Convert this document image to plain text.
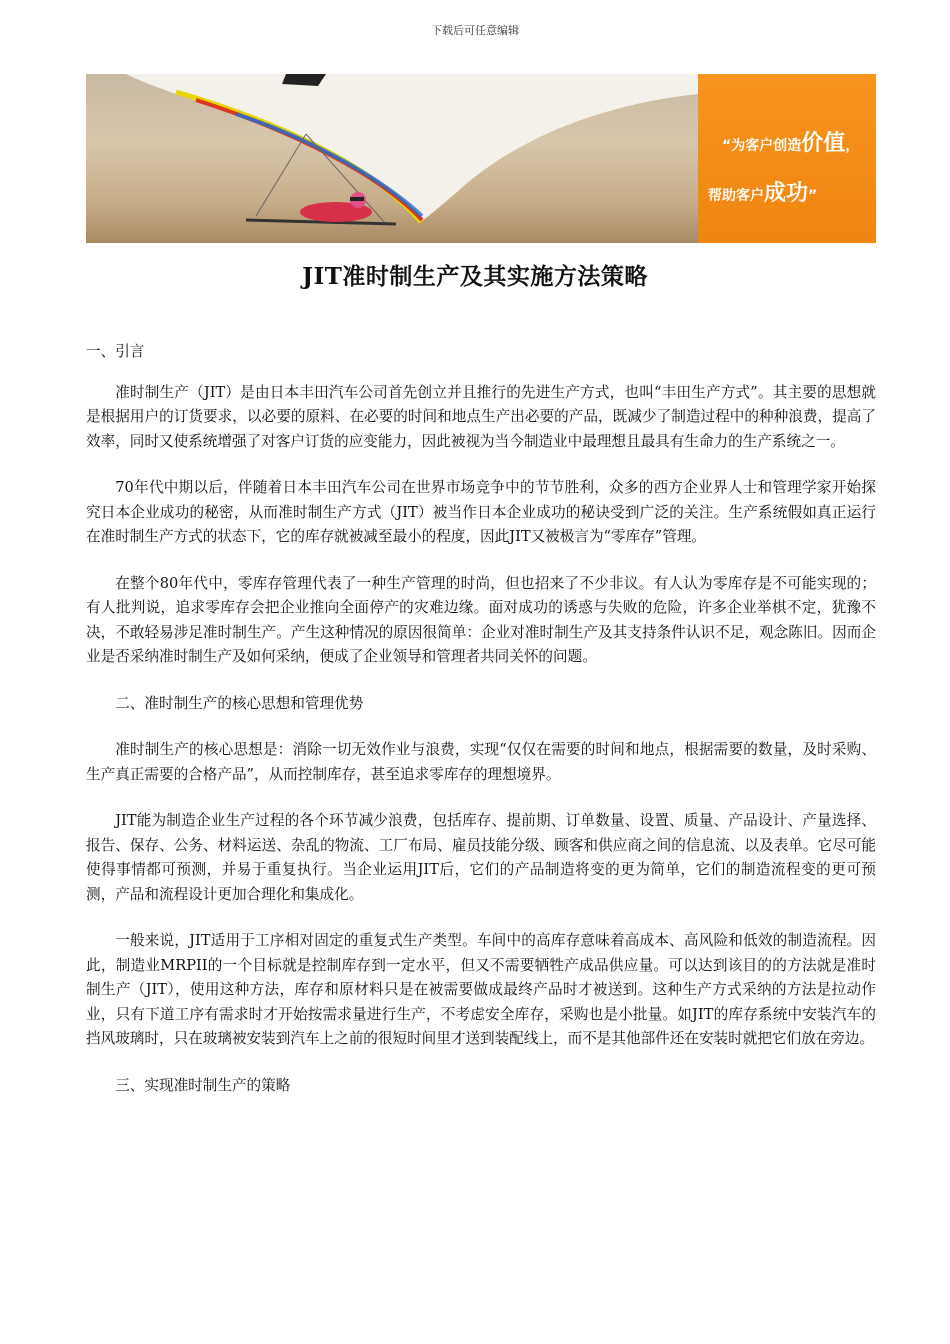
下载后可任意编辑
“为客户创造价值，
帮助客户成功”
JIT准时制生产及其实施方法策略

一、引言

准时制生产（JIT）是由日本丰田汽车公司首先创立并且推行的先进生产方式，也叫“丰田生产方式”。其主要的思想就是根据用户的订货要求，以必要的原料、在必要的时间和地点生产出必要的产品，既减少了制造过程中的种种浪费，提高了效率，同时又使系统增强了对客户订货的应变能力，因此被视为当今制造业中最理想且最具有生命力的生产系统之一。

70年代中期以后，伴随着日本丰田汽车公司在世界市场竞争中的节节胜利，众多的西方企业界人士和管理学家开始探究日本企业成功的秘密，从而准时制生产方式（JIT）被当作日本企业成功的秘诀受到广泛的关注。生产系统假如真正运行在准时制生产方式的状态下，它的库存就被减至最小的程度，因此JIT又被极言为“零库存”管理。

在整个80年代中，零库存管理代表了一种生产管理的时尚，但也招来了不少非议。有人认为零库存是不可能实现的；有人批判说，追求零库存会把企业推向全面停产的灾难边缘。面对成功的诱惑与失败的危险，许多企业举棋不定，犹豫不决，不敢轻易涉足准时制生产。产生这种情况的原因很简单：企业对准时制生产及其支持条件认识不足，观念陈旧。因而企业是否采纳准时制生产及如何采纳，便成了企业领导和管理者共同关怀的问题。

二、准时制生产的核心思想和管理优势

准时制生产的核心思想是：消除一切无效作业与浪费，实现“仅仅在需要的时间和地点，根据需要的数量，及时采购、生产真正需要的合格产品”，从而控制库存，甚至追求零库存的理想境界。

JIT能为制造企业生产过程的各个环节减少浪费，包括库存、提前期、订单数量、设置、质量、产品设计、产量选择、报告、保存、公务、材料运送、杂乱的物流、工厂布局、雇员技能分级、顾客和供应商之间的信息流、以及表单。它尽可能使得事情都可预测，并易于重复执行。当企业运用JIT后，它们的产品制造将变的更为简单，它们的制造流程变的更可预测，产品和流程设计更加合理化和集成化。

一般来说，JIT适用于工序相对固定的重复式生产类型。车间中的高库存意味着高成本、高风险和低效的制造流程。因此，制造业MRPII的一个目标就是控制库存到一定水平，但又不需要牺牲产成品供应量。可以达到该目的的方法就是准时制生产（JIT），使用这种方法，库存和原材料只是在被需要做成最终产品时才被送到。这种生产方式采纳的方法是拉动作业，只有下道工序有需求时才开始按需求量进行生产，不考虑安全库存，采购也是小批量。如JIT的库存系统中安装汽车的挡风玻璃时，只在玻璃被安装到汽车上之前的很短时间里才送到装配线上，而不是其他部件还在安装时就把它们放在旁边。

三、实现准时制生产的策略
